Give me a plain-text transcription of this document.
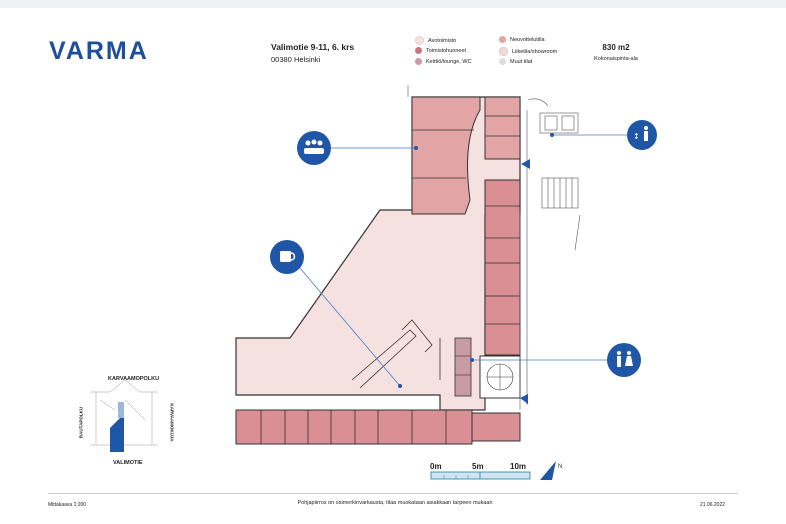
VARMA	Valimotie 9-11, 6. krs
00380 Helsinki
Avotoimisto	Neuvotteluitila
Toimistohuoneet	Liiketila/showroom
Keittiö/lounge, WC	Muut tilat
830 m2
Kokonaispinta-ala
↕
N
KARVAAMOPOLKU
VALIMOTIE
RAUTAPOLKU	KARVAAMOKUJA
0m	5m	10m
Mittakaava 1:200	Pohjapiirros on osimerkinvarkausta, tilaa muokataan asiakkaan tarpeen mukaan	21.06.2022
